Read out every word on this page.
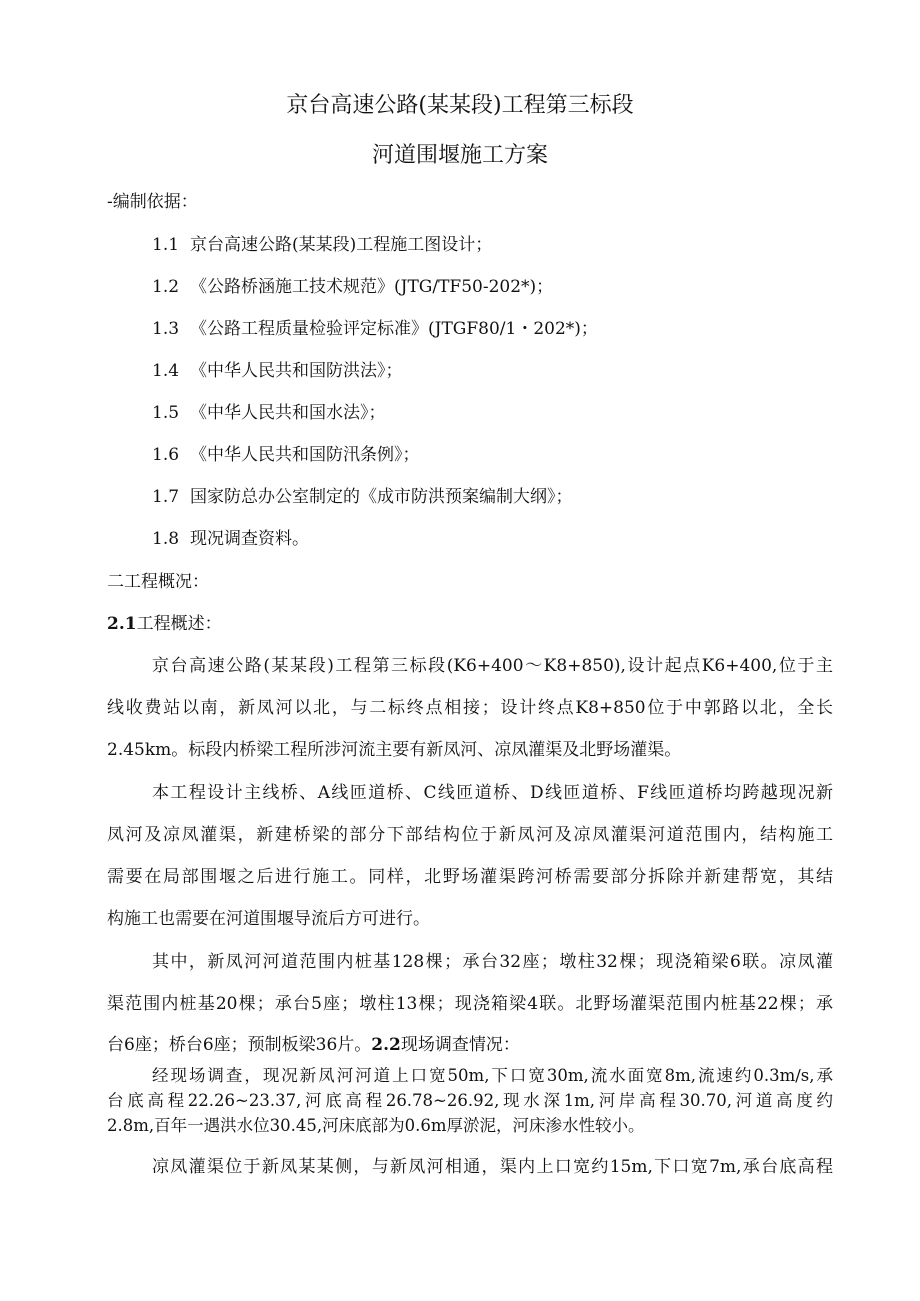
京台高速公路(某某段)工程第三标段
河道围堰施工方案
-编制依据：
1.1 京台高速公路(某某段)工程施工图设计；
1.2 《公路桥涵施工技术规范》(JTG/TF50-202*)；
1.3 《公路工程质量检验评定标准》(JTGF80/1・202*)；
1.4 《中华人民共和国防洪法》；
1.5 《中华人民共和国水法》；
1.6 《中华人民共和国防汛条例》；
1.7 国家防总办公室制定的《成市防洪预案编制大纲》；
1.8 现况调查资料。
二工程概况：
2.1工程概述：
京台高速公路(某某段)工程第三标段(K6+400～K8+850),设计起点K6+400,位于主
线收费站以南，新凤河以北，与二标终点相接；设计终点K8+850位于中郭路以北，全长
2.45km。标段内桥梁工程所涉河流主要有新凤河、凉凤灌渠及北野场灌渠。
本工程设计主线桥、A线匝道桥、C线匝道桥、D线匝道桥、F线匝道桥均跨越现况新
凤河及凉凤灌渠，新建桥梁的部分下部结构位于新凤河及凉凤灌渠河道范围内，结构施工
需要在局部围堰之后进行施工。同样，北野场灌渠跨河桥需要部分拆除并新建帮宽，其结
构施工也需要在河道围堰导流后方可进行。
其中，新凤河河道范围内桩基128棵；承台32座；墩柱32棵；现浇箱梁6联。凉凤灌
渠范围内桩基20棵；承台5座；墩柱13棵；现浇箱梁4联。北野场灌渠范围内桩基22棵；承
台6座；桥台6座；预制板梁36片。2.2现场调查情况：
经现场调查，现况新凤河河道上口宽50m,下口宽30m,流水面宽8m,流速约0.3m∕s,承
台底高程22.26~23.37,河底高程26.78~26.92,现水深1m,河岸高程30.70,河道高度约
2.8m,百年一遇洪水位30.45,河床底部为0.6m厚淤泥，河床渗水性较小。
凉凤灌渠位于新凤某某侧，与新凤河相通，渠内上口宽约15m,下口宽7m,承台底高程
